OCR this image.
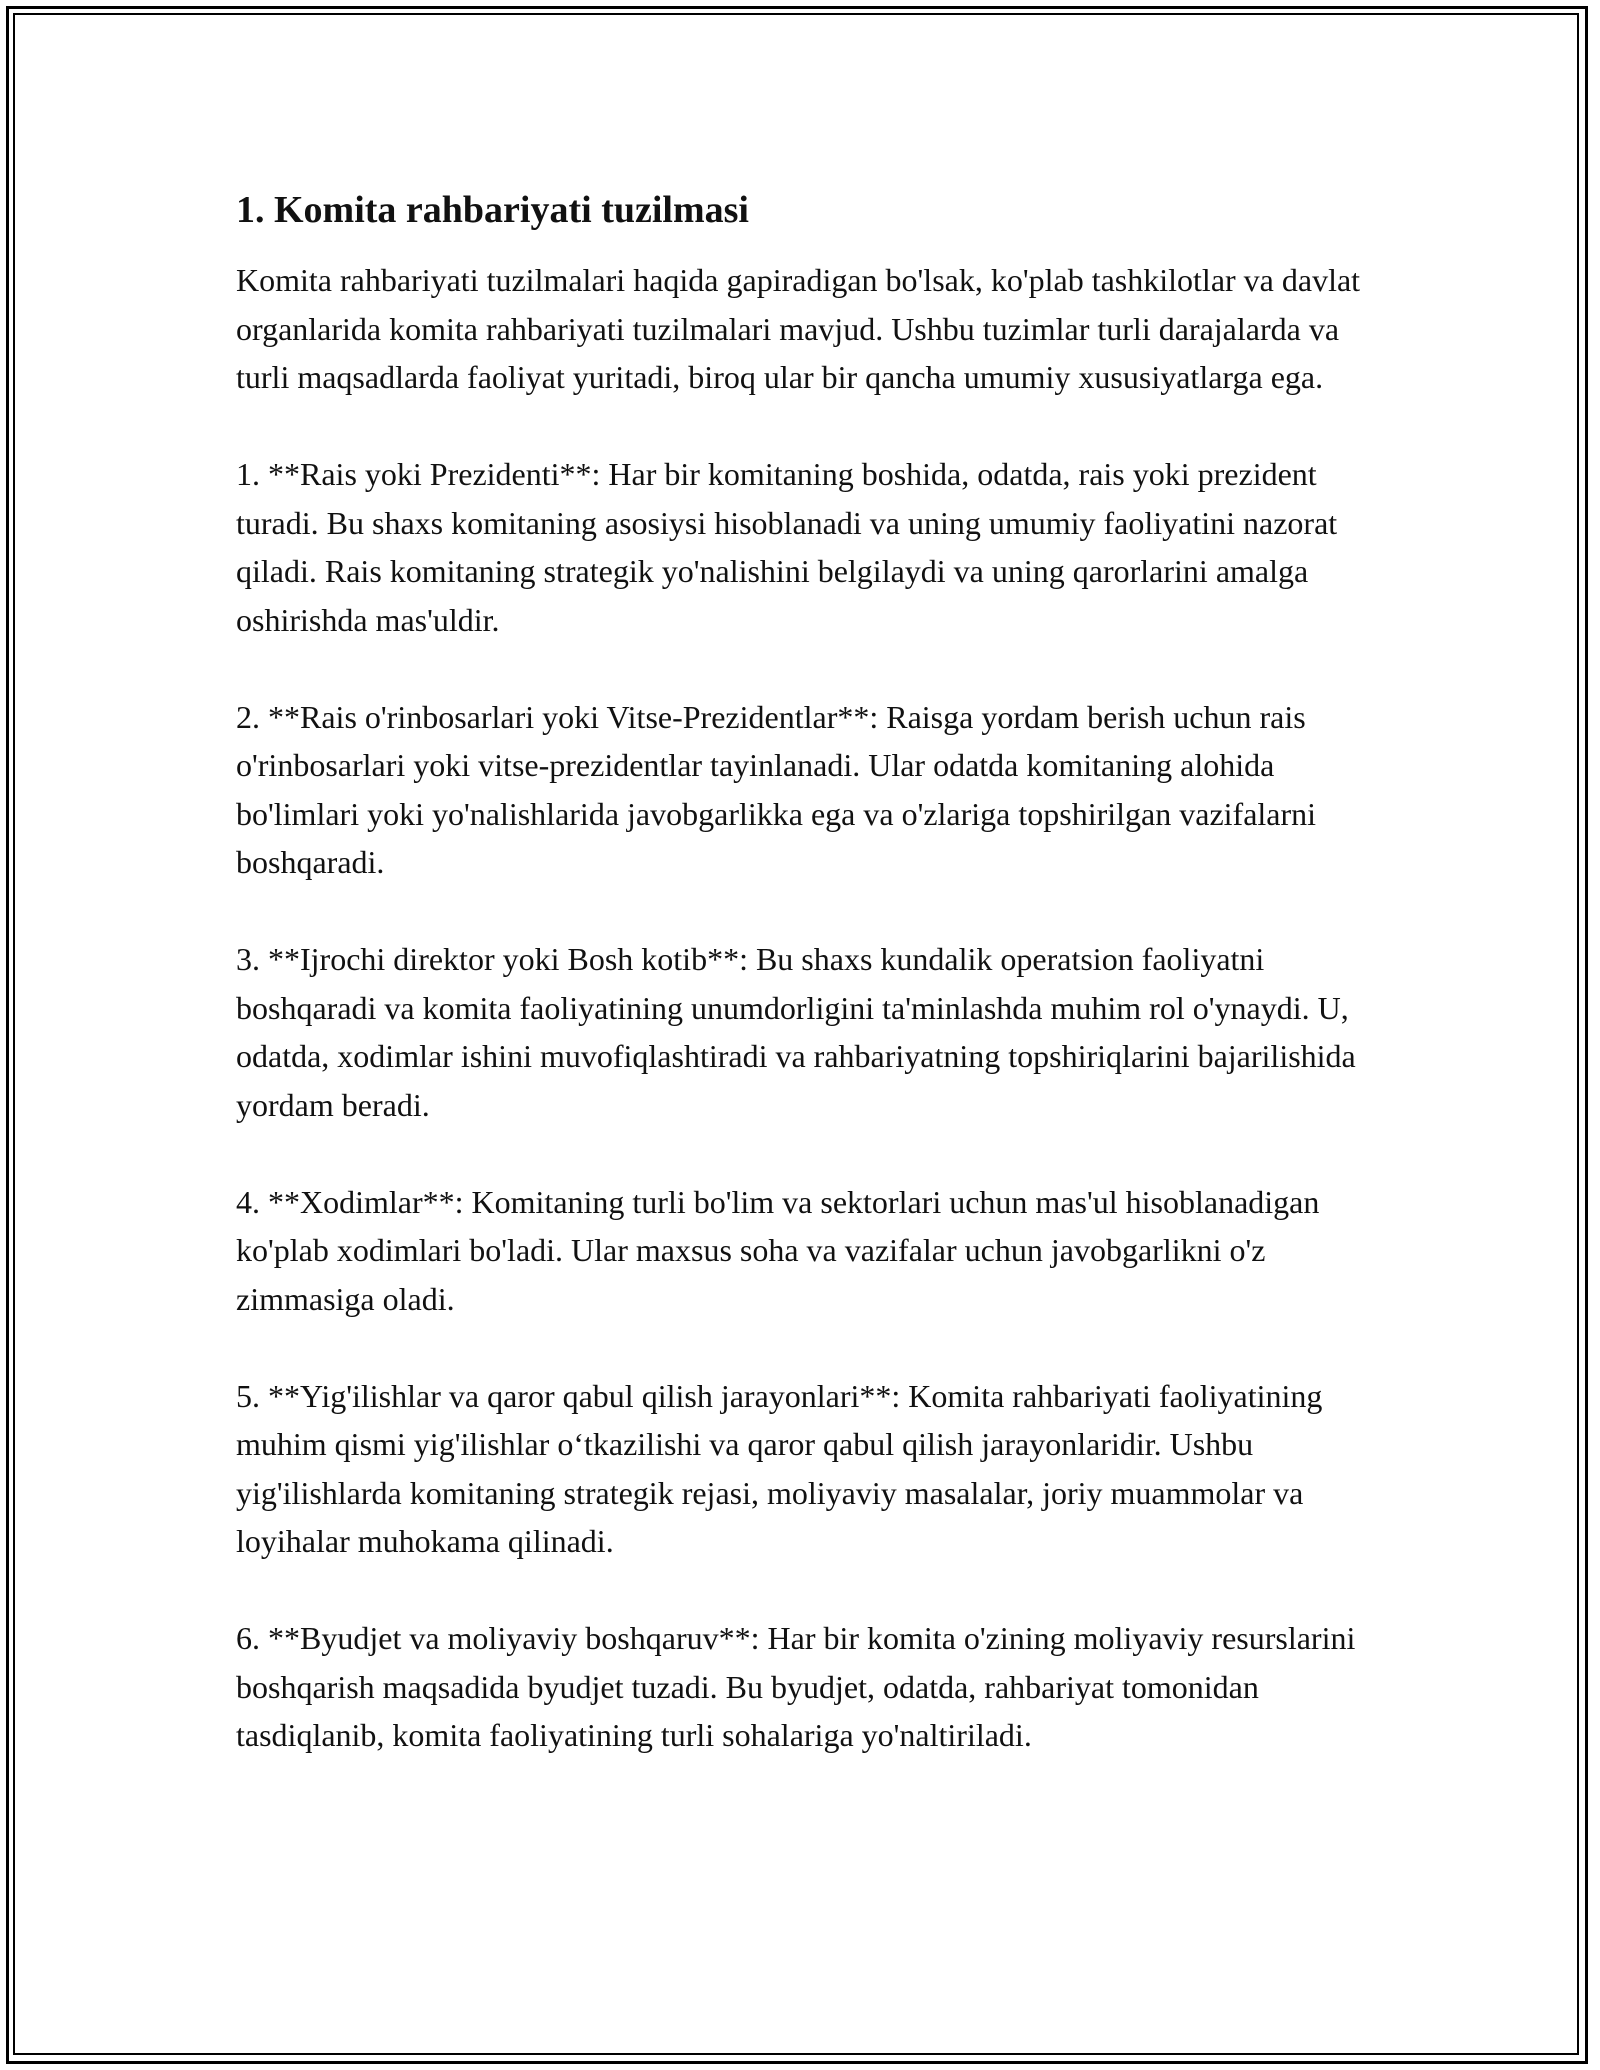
1. Komita rahbariyati tuzilmasi

Komita rahbariyati tuzilmalari haqida gapiradigan bo'lsak, ko'plab tashkilotlar va davlat organlarida komita rahbariyati tuzilmalari mavjud. Ushbu tuzimlar turli darajalarda va turli maqsadlarda faoliyat yuritadi, biroq ular bir qancha umumiy xususiyatlarga ega.

1. **Rais yoki Prezidenti**: Har bir komitaning boshida, odatda, rais yoki prezident turadi. Bu shaxs komitaning asosiysi hisoblanadi va uning umumiy faoliyatini nazorat qiladi. Rais komitaning strategik yo'nalishini belgilaydi va uning qarorlarini amalga oshirishda mas'uldir.

2. **Rais o'rinbosarlari yoki Vitse-Prezidentlar**: Raisga yordam berish uchun rais o'rinbosarlari yoki vitse-prezidentlar tayinlanadi. Ular odatda komitaning alohida bo'limlari yoki yo'nalishlarida javobgarlikka ega va o'zlariga topshirilgan vazifalarni boshqaradi.

3. **Ijrochi direktor yoki Bosh kotib**: Bu shaxs kundalik operatsion faoliyatni boshqaradi va komita faoliyatining unumdorligini ta'minlashda muhim rol o'ynaydi. U, odatda, xodimlar ishini muvofiqlashtiradi va rahbariyatning topshiriqlarini bajarilishida yordam beradi.

4. **Xodimlar**: Komitaning turli bo'lim va sektorlari uchun mas'ul hisoblanadigan ko'plab xodimlari bo'ladi. Ular maxsus soha va vazifalar uchun javobgarlikni o'z zimmasiga oladi.

5. **Yig'ilishlar va qaror qabul qilish jarayonlari**: Komita rahbariyati faoliyatining muhim qismi yig'ilishlar o‘tkazilishi va qaror qabul qilish jarayonlaridir. Ushbu yig'ilishlarda komitaning strategik rejasi, moliyaviy masalalar, joriy muammolar va loyihalar muhokama qilinadi.

6. **Byudjet va moliyaviy boshqaruv**: Har bir komita o'zining moliyaviy resurslarini boshqarish maqsadida byudjet tuzadi. Bu byudjet, odatda, rahbariyat tomonidan tasdiqlanib, komita faoliyatining turli sohalariga yo'naltiriladi.
